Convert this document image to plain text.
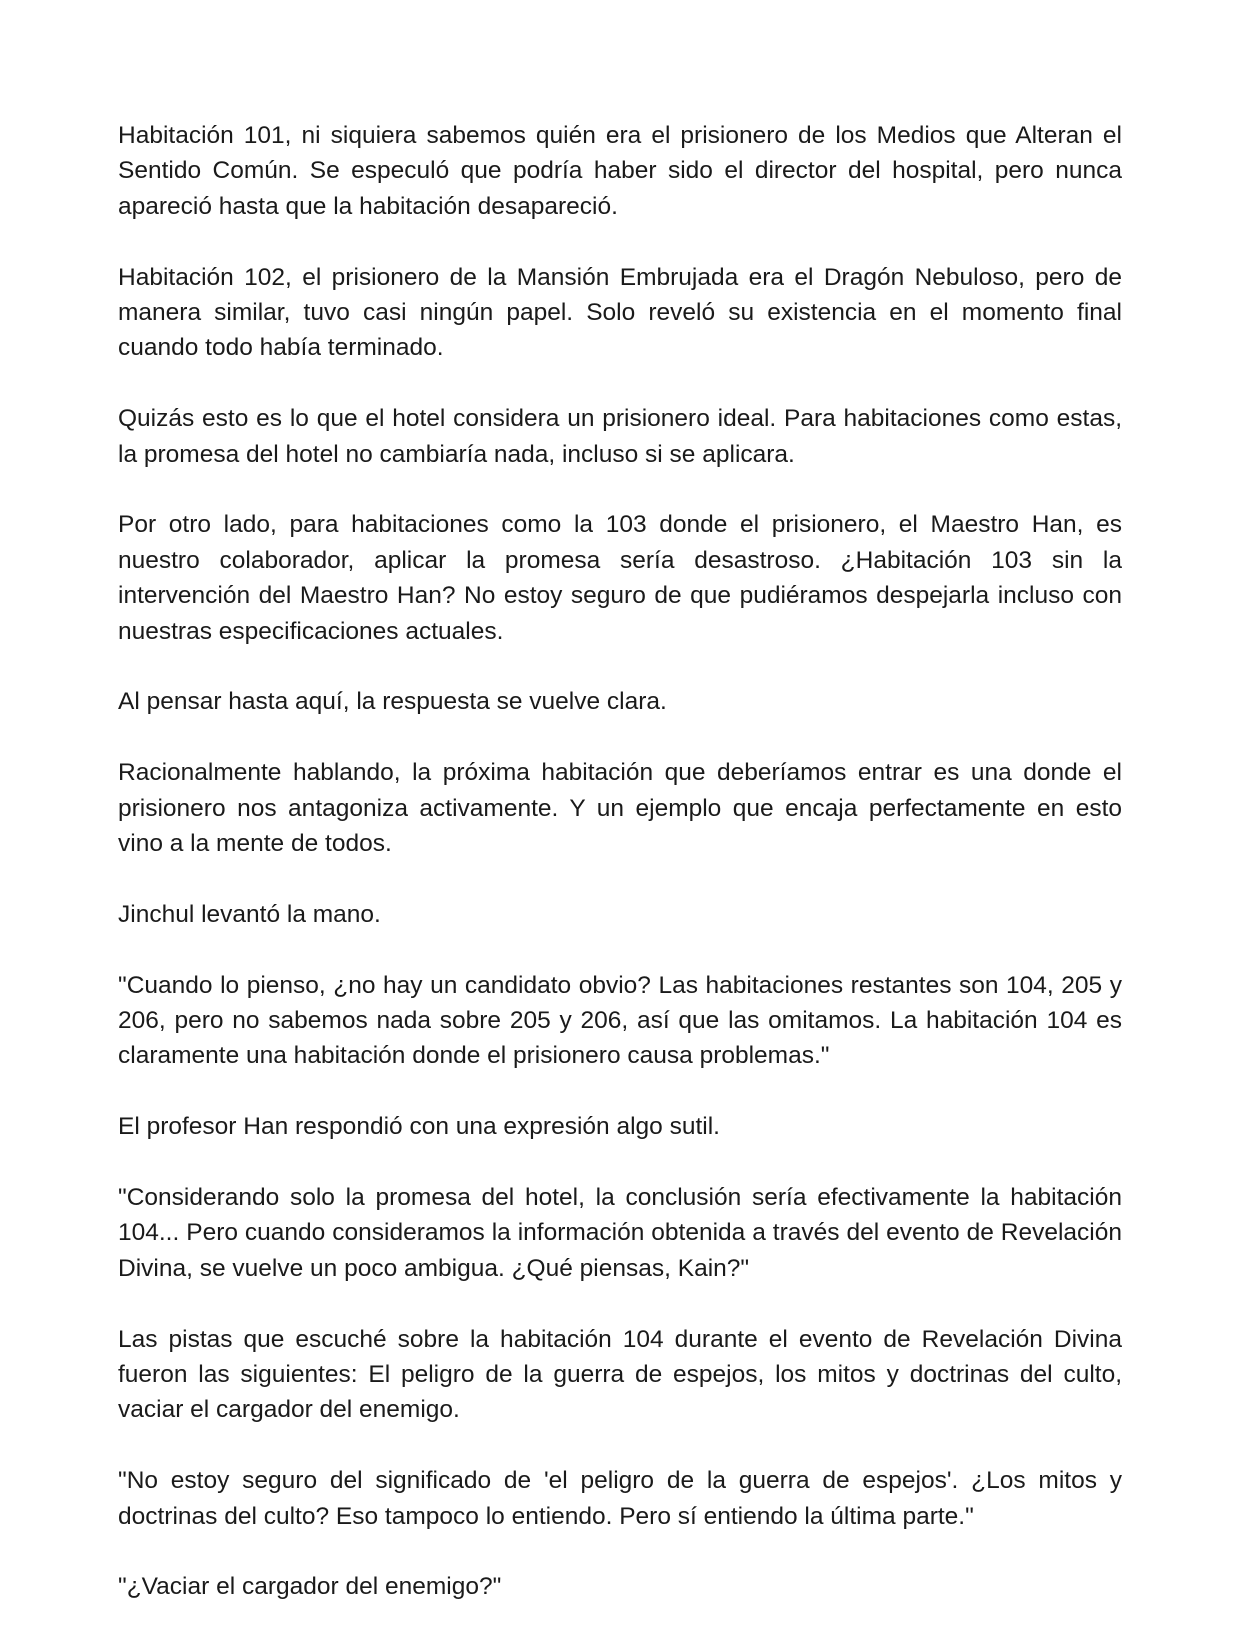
Habitación 101, ni siquiera sabemos quién era el prisionero de los Medios que Alteran el Sentido Común. Se especuló que podría haber sido el director del hospital, pero nunca apareció hasta que la habitación desapareció.

Habitación 102, el prisionero de la Mansión Embrujada era el Dragón Nebuloso, pero de manera similar, tuvo casi ningún papel. Solo reveló su existencia en el momento final cuando todo había terminado.

Quizás esto es lo que el hotel considera un prisionero ideal. Para habitaciones como estas, la promesa del hotel no cambiaría nada, incluso si se aplicara.

Por otro lado, para habitaciones como la 103 donde el prisionero, el Maestro Han, es nuestro colaborador, aplicar la promesa sería desastroso. ¿Habitación 103 sin la intervención del Maestro Han? No estoy seguro de que pudiéramos despejarla incluso con nuestras especificaciones actuales.

Al pensar hasta aquí, la respuesta se vuelve clara.

Racionalmente hablando, la próxima habitación que deberíamos entrar es una donde el prisionero nos antagoniza activamente. Y un ejemplo que encaja perfectamente en esto vino a la mente de todos.

Jinchul levantó la mano.

"Cuando lo pienso, ¿no hay un candidato obvio? Las habitaciones restantes son 104, 205 y 206, pero no sabemos nada sobre 205 y 206, así que las omitamos. La habitación 104 es claramente una habitación donde el prisionero causa problemas."

El profesor Han respondió con una expresión algo sutil.

"Considerando solo la promesa del hotel, la conclusión sería efectivamente la habitación 104... Pero cuando consideramos la información obtenida a través del evento de Revelación Divina, se vuelve un poco ambigua. ¿Qué piensas, Kain?"

Las pistas que escuché sobre la habitación 104 durante el evento de Revelación Divina fueron las siguientes: El peligro de la guerra de espejos, los mitos y doctrinas del culto, vaciar el cargador del enemigo.

"No estoy seguro del significado de 'el peligro de la guerra de espejos'. ¿Los mitos y doctrinas del culto? Eso tampoco lo entiendo. Pero sí entiendo la última parte."

"¿Vaciar el cargador del enemigo?"
